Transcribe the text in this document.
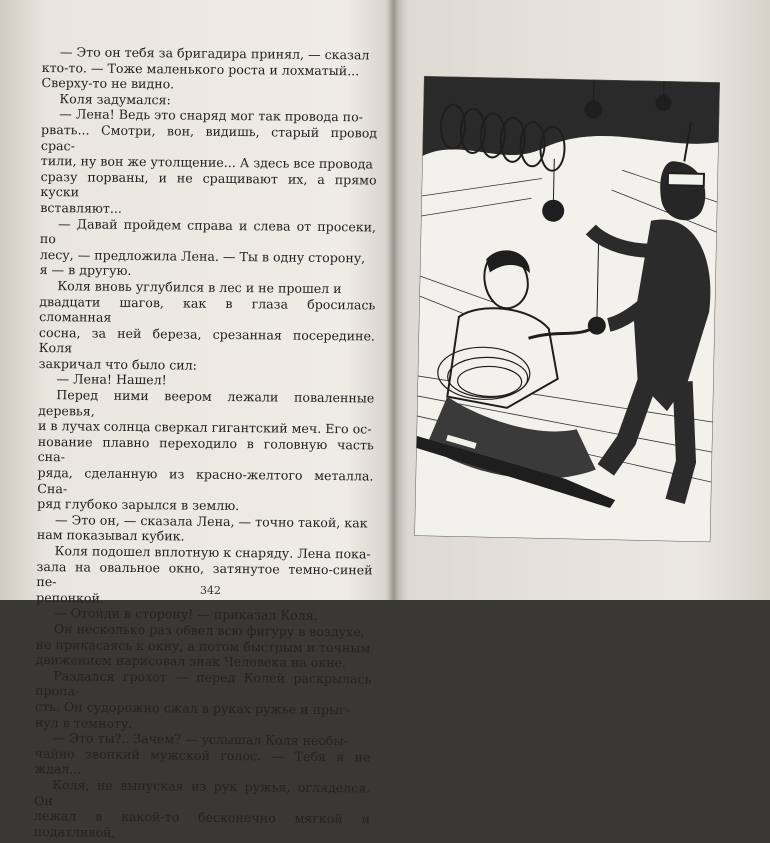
— Это он тебя за бригадира принял, — сказал

кто-то. — Тоже маленького роста и лохматый...

Сверху-то не видно.

Коля задумался:

— Лена! Ведь это снаряд мог так провода по-

рвать... Смотри, вон, видишь, старый провод срас-

тили, ну вон же утолщение... А здесь все провода

сразу порваны, и не сращивают их, а прямо куски

вставляют...

— Давай пройдем справа и слева от просеки, по

лесу, — предложила Лена. — Ты в одну сторону,

я — в другую.

Коля вновь углубился в лес и не прошел и

двадцати шагов, как в глаза бросилась сломанная

сосна, за ней береза, срезанная посередине. Коля

закричал что было сил:

— Лена! Нашел!

Перед ними веером лежали поваленные деревья,

и в лучах солнца сверкал гигантский меч. Его ос-

нование плавно переходило в головную часть сна-

ряда, сделанную из красно-желтого металла. Сна-

ряд глубоко зарылся в землю.

— Это он, — сказала Лена, — точно такой, как

нам показывал кубик.

Коля подошел вплотную к снаряду. Лена пока-

зала на овальное окно, затянутое темно-синей пе-

репонкой.

— Отойди в сторону! — приказал Коля.

Он несколько раз обвел всю фигуру в воздухе,

не прикасаясь к окну, а потом быстрым и точным

движением нарисовал знак Человека на окне.

Раздался грохот — перед Колей раскрылась пропа-

сть. Он судорожно сжал в руках ружье и прыг-

нул в темноту.

— Это ты?.. Зачем? — услышал Коля необы-

чайно звонкий мужской голос. — Тебя я не ждал...

Коля, не выпуская из рук ружья, огляделся. Он

лежал в какой-то бесконечно мягкой и податливой,

342
